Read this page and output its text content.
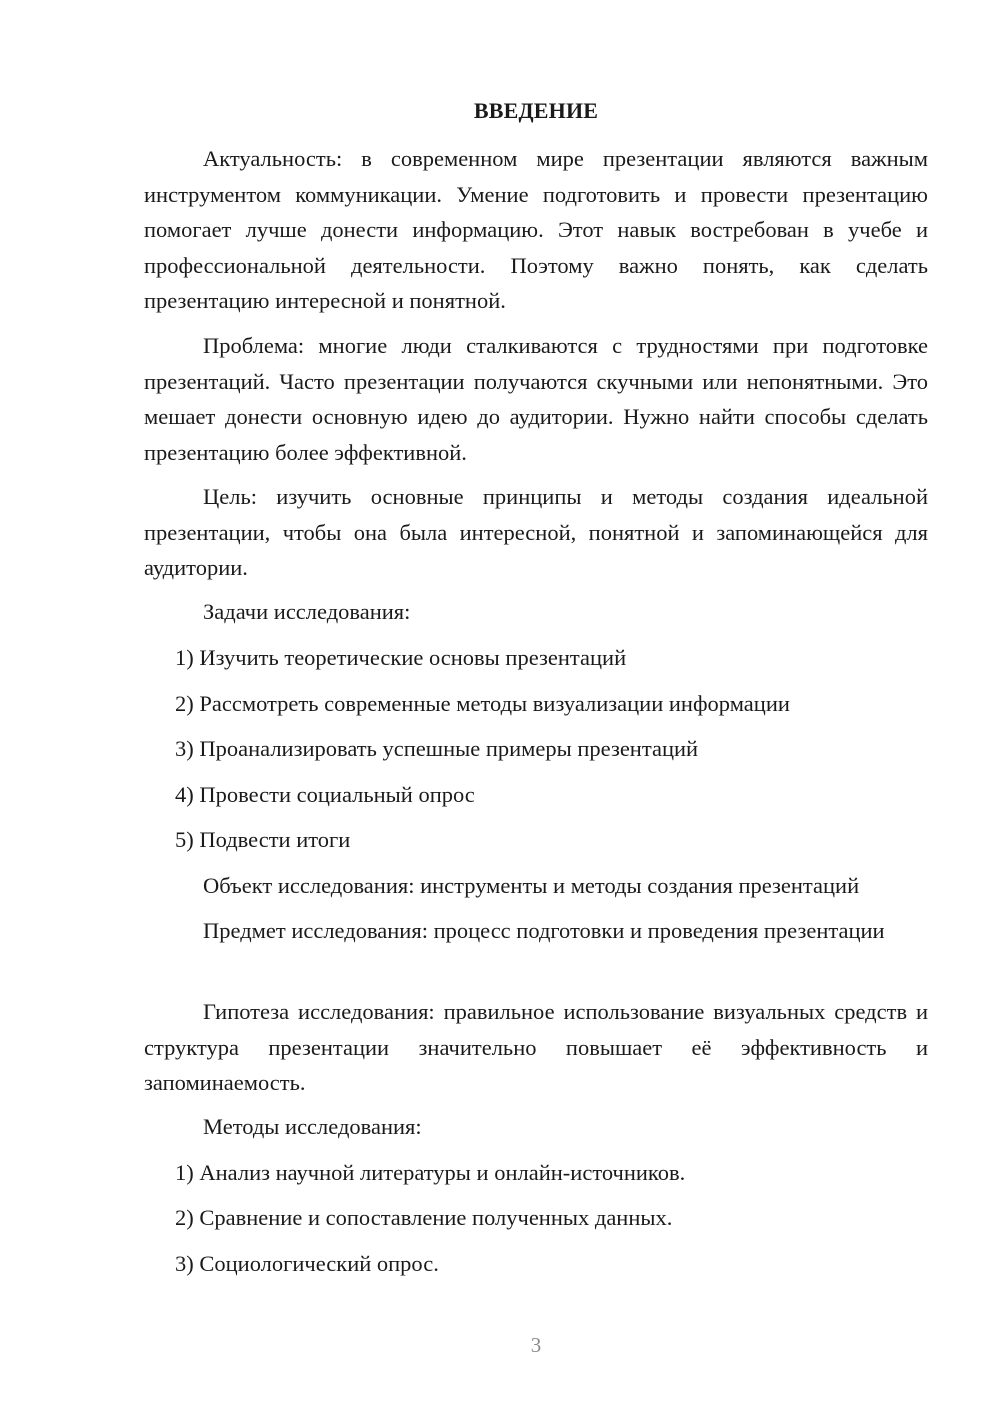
ВВЕДЕНИЕ

Актуальность: в современном мире презентации являются важным инструментом коммуникации. Умение подготовить и провести презентацию помогает лучше донести информацию. Этот навык востребован в учебе и профессиональной деятельности. Поэтому важно понять, как сделать презентацию интересной и понятной.

Проблема: многие люди сталкиваются с трудностями при подготовке презентаций. Часто презентации получаются скучными или непонятными. Это мешает донести основную идею до аудитории. Нужно найти способы сделать презентацию более эффективной.

Цель: изучить основные принципы и методы создания идеальной презентации, чтобы она была интересной, понятной и запоминающейся для аудитории.

Задачи исследования:

1) Изучить теоретические основы презентаций
2) Рассмотреть современные методы визуализации информации
3) Проанализировать успешные примеры презентаций
4) Провести социальный опрос
5) Подвести итоги

Объект исследования: инструменты и методы создания презентаций

Предмет исследования: процесс подготовки и проведения презентации

Гипотеза исследования: правильное использование визуальных средств и структура презентации значительно повышает её эффективность и запоминаемость.

Методы исследования:

1) Анализ научной литературы и онлайн-источников.
2) Сравнение и сопоставление полученных данных.
3) Социологический опрос.
3
